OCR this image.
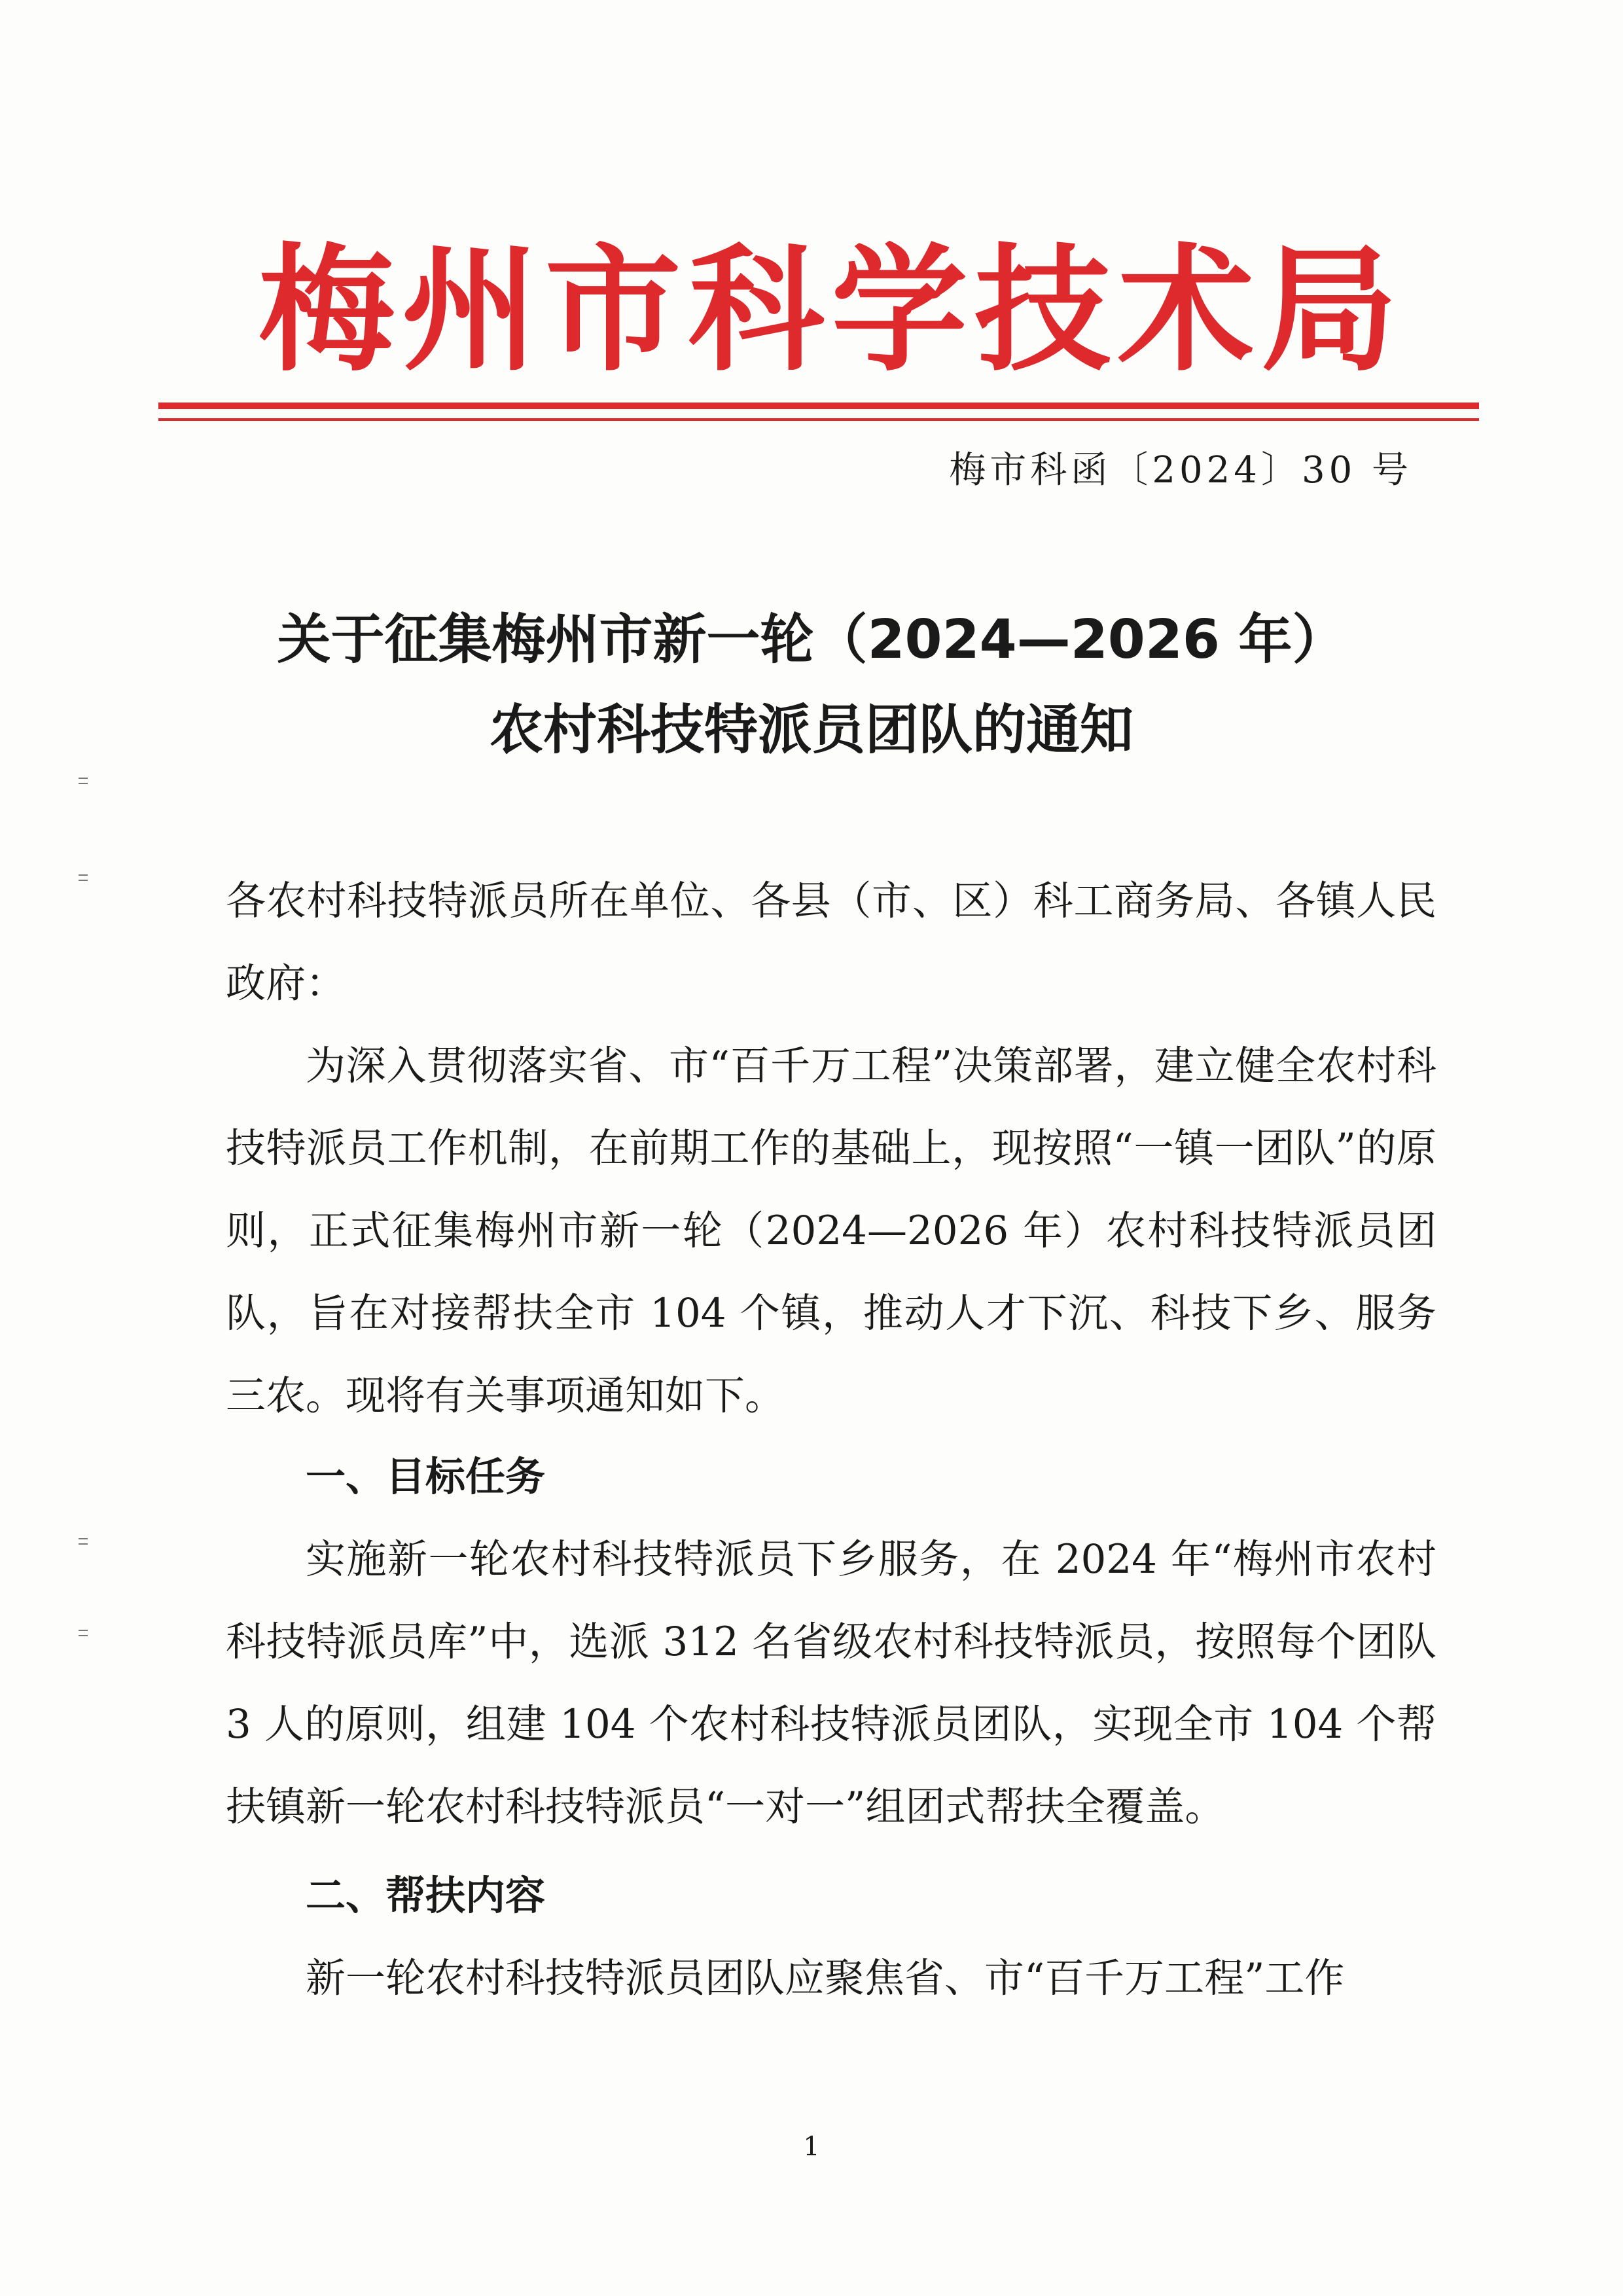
梅 州 市 科 学 技 术 局
梅市科函〔2024〕30 号
关于征集梅州市新一轮（2024—2026 年）
农村科技特派员团队的通知

各农村科技特派员所在单位、各县（市、区）科工商务局、各镇人民政府：

为深入贯彻落实省、市“百千万工程”决策部署，建立健全农村科技特派员工作机制，在前期工作的基础上，现按照“一镇一团队”的原则，正式征集梅州市新一轮（2024—2026 年）农村科技特派员团队，旨在对接帮扶全市 104 个镇，推动人才下沉、科技下乡、服务三农。现将有关事项通知如下。

一、目标任务

实施新一轮农村科技特派员下乡服务，在 2024 年“梅州市农村科技特派员库”中，选派 312 名省级农村科技特派员，按照每个团队 3 人的原则，组建 104 个农村科技特派员团队，实现全市 104 个帮扶镇新一轮农村科技特派员“一对一”组团式帮扶全覆盖。

二、帮扶内容

新一轮农村科技特派员团队应聚焦省、市“百千万工程”工作

1
